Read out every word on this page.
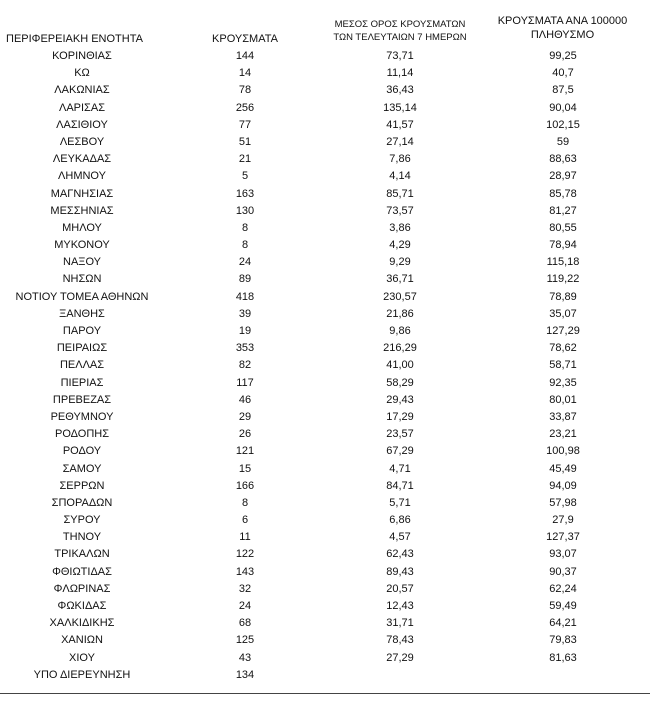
ΠΕΡΙΦΕΡΕΙΑΚΗ ΕΝΟΤΗΤΑ	ΚΡΟΥΣΜΑΤΑ
ΜΕΣΟΣ ΟΡΟΣ ΚΡΟΥΣΜΑΤΩΝ
ΤΩΝ ΤΕΛΕΥΤΑΙΩΝ 7 ΗΜΕΡΩΝ
ΚΡΟΥΣΜΑΤΑ ΑΝΑ 100000
ΠΛΗΘΥΣΜΟ
ΚΟΡΙΝΘΙΑΣ	144	73,71	99,25
ΚΩ	14	11,14	40,7
ΛΑΚΩΝΙΑΣ	78	36,43	87,5
ΛΑΡΙΣΑΣ	256	135,14	90,04
ΛΑΣΙΘΙΟΥ	77	41,57	102,15
ΛΕΣΒΟΥ	51	27,14	59
ΛΕΥΚΑΔΑΣ	21	7,86	88,63
ΛΗΜΝΟΥ	5	4,14	28,97
ΜΑΓΝΗΣΙΑΣ	163	85,71	85,78
ΜΕΣΣΗΝΙΑΣ	130	73,57	81,27
ΜΗΛΟΥ	8	3,86	80,55
ΜΥΚΟΝΟΥ	8	4,29	78,94
ΝΑΞΟΥ	24	9,29	115,18
ΝΗΣΩΝ	89	36,71	119,22
ΝΟΤΙΟΥ ΤΟΜΕΑ ΑΘΗΝΩΝ	418	230,57	78,89
ΞΑΝΘΗΣ	39	21,86	35,07
ΠΑΡΟΥ	19	9,86	127,29
ΠΕΙΡΑΙΩΣ	353	216,29	78,62
ΠΕΛΛΑΣ	82	41,00	58,71
ΠΙΕΡΙΑΣ	117	58,29	92,35
ΠΡΕΒΕΖΑΣ	46	29,43	80,01
ΡΕΘΥΜΝΟΥ	29	17,29	33,87
ΡΟΔΟΠΗΣ	26	23,57	23,21
ΡΟΔΟΥ	121	67,29	100,98
ΣΑΜΟΥ	15	4,71	45,49
ΣΕΡΡΩΝ	166	84,71	94,09
ΣΠΟΡΑΔΩΝ	8	5,71	57,98
ΣΥΡΟΥ	6	6,86	27,9
ΤΗΝΟΥ	11	4,57	127,37
ΤΡΙΚΑΛΩΝ	122	62,43	93,07
ΦΘΙΩΤΙΔΑΣ	143	89,43	90,37
ΦΛΩΡΙΝΑΣ	32	20,57	62,24
ΦΩΚΙΔΑΣ	24	12,43	59,49
ΧΑΛΚΙΔΙΚΗΣ	68	31,71	64,21
ΧΑΝΙΩΝ	125	78,43	79,83
ΧΙΟΥ	43	27,29	81,63
ΥΠΟ ΔΙΕΡΕΥΝΗΣΗ	134
